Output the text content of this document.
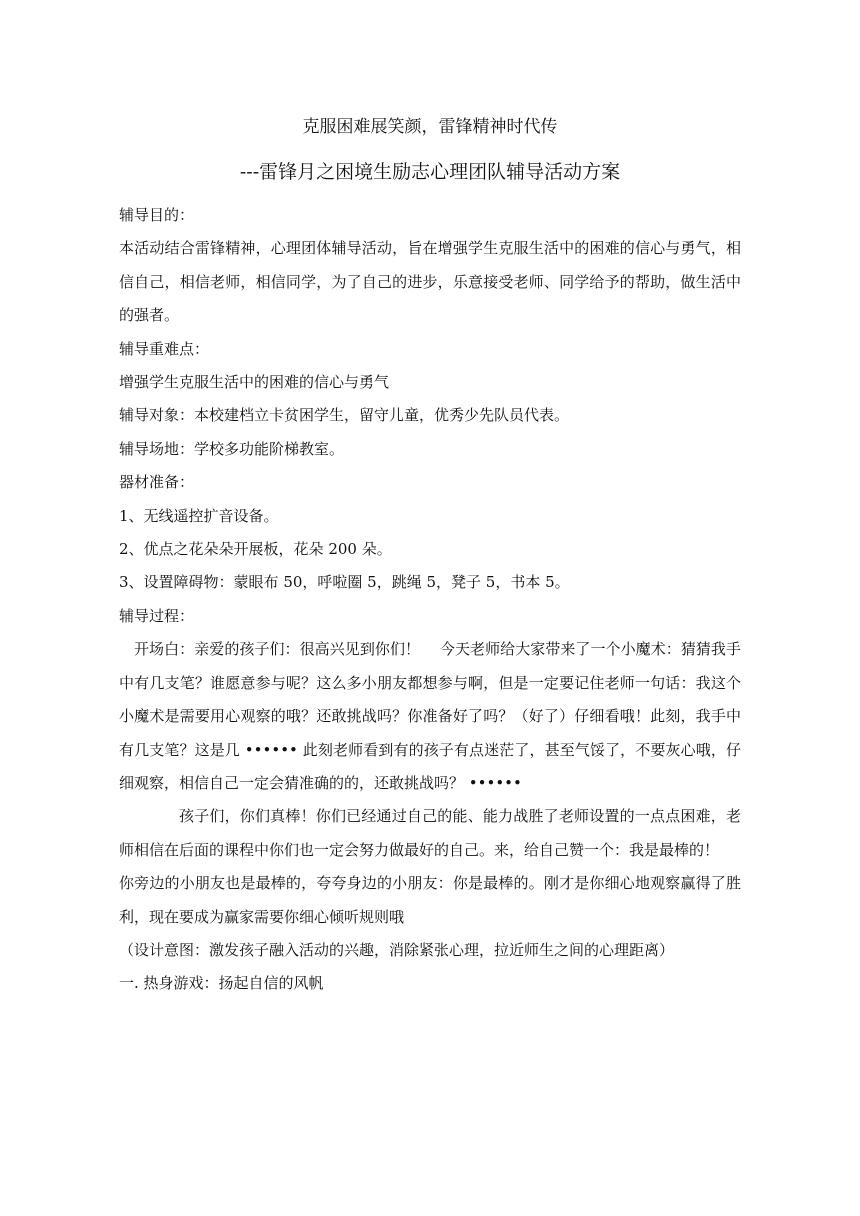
克服困难展笑颜，雷锋精神时代传
---雷锋月之困境生励志心理团队辅导活动方案

辅导目的：

本活动结合雷锋精神，心理团体辅导活动，旨在增强学生克服生活中的困难的信心与勇气，相信自己，相信老师，相信同学，为了自己的进步，乐意接受老师、同学给予的帮助，做生活中的强者。

辅导重难点：

增强学生克服生活中的困难的信心与勇气

辅导对象：本校建档立卡贫困学生，留守儿童，优秀少先队员代表。

辅导场地：学校多功能阶梯教室。

器材准备：

1、无线遥控扩音设备。

2、优点之花朵朵开展板，花朵 200 朵。

3、设置障碍物：蒙眼布 50，呼啦圈 5，跳绳 5，凳子 5，书本 5。

辅导过程：

开场白：亲爱的孩子们：很高兴见到你们！　 今天老师给大家带来了一个小魔术：猜猜我手中有几支笔？谁愿意参与呢？这么多小朋友都想参与啊，但是一定要记住老师一句话：我这个小魔术是需要用心观察的哦？还敢挑战吗？你准备好了吗？（好了）仔细看哦！此刻，我手中有几支笔？这是几 •••••• 此刻老师看到有的孩子有点迷茫了，甚至气馁了，不要灰心哦，仔细观察，相信自己一定会猜准确的的，还敢挑战吗？ ••••••

孩子们，你们真棒！你们已经通过自己的能、能力战胜了老师设置的一点点困难，老师相信在后面的课程中你们也一定会努力做最好的自己。来，给自己赞一个：我是最棒的！

你旁边的小朋友也是最棒的，夸夸身边的小朋友：你是最棒的。刚才是你细心地观察赢得了胜利，现在要成为赢家需要你细心倾听规则哦

（设计意图：激发孩子融入活动的兴趣，消除紧张心理，拉近师生之间的心理距离）

一. 热身游戏：扬起自信的风帆
